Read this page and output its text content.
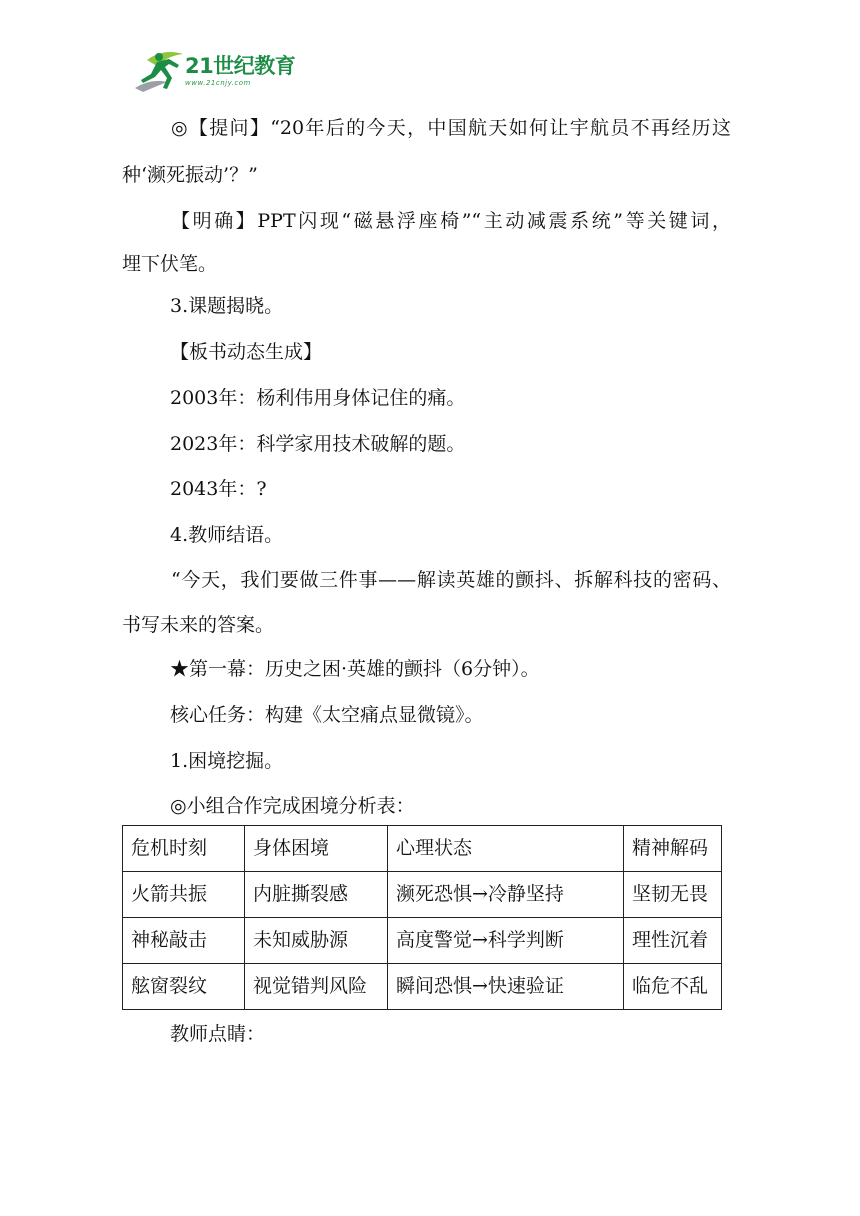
21世纪教育
www.21cnjy.com
◎【提问】“20年后的今天，中国航天如何让宇航员不再经历这
种‘濒死振动’？”
【明确】PPT闪现“磁悬浮座椅”“主动减震系统”等关键词，
埋下伏笔。
3.课题揭晓。
【板书动态生成】
2003年：杨利伟用身体记住的痛。
2023年：科学家用技术破解的题。
2043年：?
4.教师结语。
“今天，我们要做三件事——解读英雄的颤抖、拆解科技的密码、
书写未来的答案。
★第一幕：历史之困·英雄的颤抖（6分钟）。
核心任务：构建《太空痛点显微镜》。
1.困境挖掘。
◎小组合作完成困境分析表：
危机时刻	身体困境	心理状态	精神解码
火箭共振	内脏撕裂感	濒死恐惧→冷静坚持	坚韧无畏
神秘敲击	未知威胁源	高度警觉→科学判断	理性沉着
舷窗裂纹	视觉错判风险	瞬间恐惧→快速验证	临危不乱
教师点睛：
